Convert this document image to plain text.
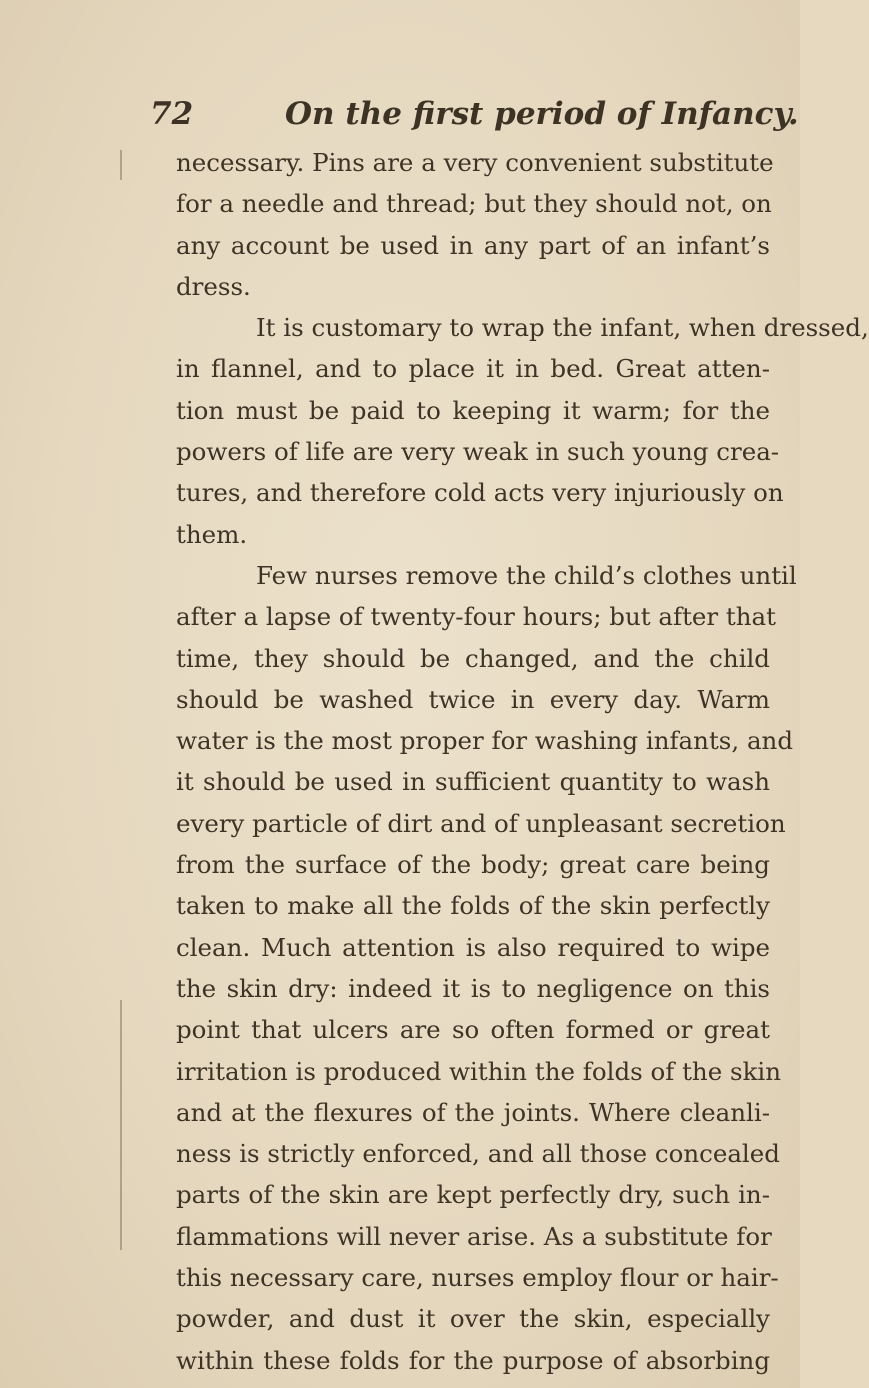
72	On the first period of Infancy.
necessary. Pins are a very convenient substitute
for a needle and thread; but they should not, on
any account be used in any part of an infant’s
dress.
It is customary to wrap the infant, when dressed,
in flannel, and to place it in bed. Great atten-
tion must be paid to keeping it warm; for the
powers of life are very weak in such young crea-
tures, and therefore cold acts very injuriously on
them.
Few nurses remove the child’s clothes until
after a lapse of twenty-four hours; but after that
time, they should be changed, and the child
should be washed twice in every day. Warm
water is the most proper for washing infants, and
it should be used in sufficient quantity to wash
every particle of dirt and of unpleasant secretion
from the surface of the body; great care being
taken to make all the folds of the skin perfectly
clean. Much attention is also required to wipe
the skin dry: indeed it is to negligence on this
point that ulcers are so often formed or great
irritation is produced within the folds of the skin
and at the flexures of the joints. Where cleanli-
ness is strictly enforced, and all those concealed
parts of the skin are kept perfectly dry, such in-
flammations will never arise. As a substitute for
this necessary care, nurses employ flour or hair-
powder, and dust it over the skin, especially
within these folds for the purpose of absorbing
